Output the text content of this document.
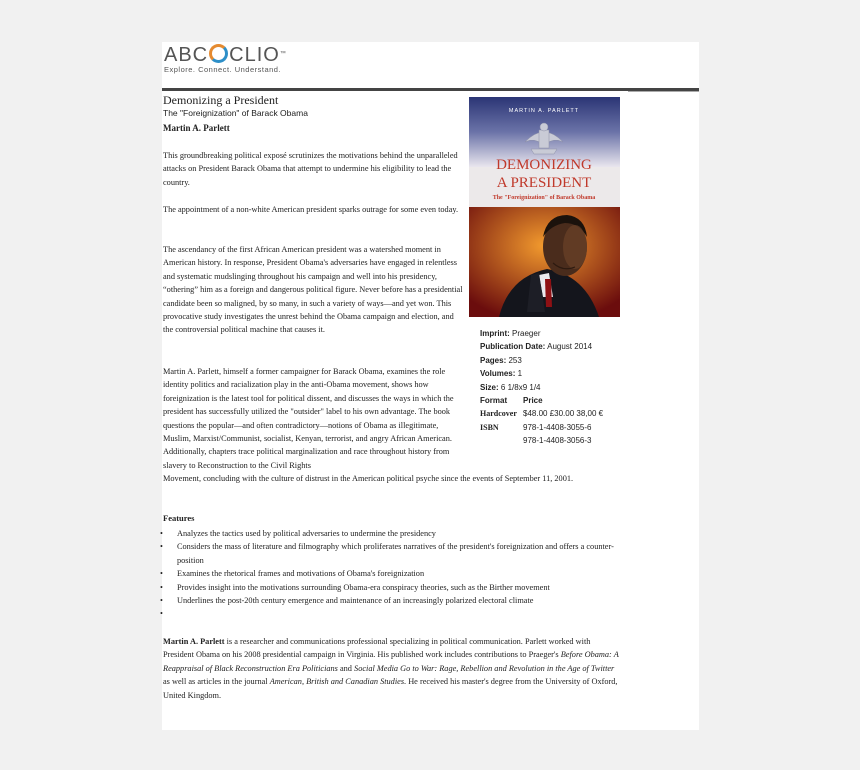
ABC CLIO™
Explore. Connect. Understand.
Demonizing a President
The "Foreignization" of Barack Obama
Martin A. Parlett
This groundbreaking political exposé scrutinizes the motivations behind the unparalleled attacks on President Barack Obama that attempt to undermine his eligibility to lead the country.
The appointment of a non-white American president sparks outrage for some even today.
The ascendancy of the first African American president was a watershed moment in American history. In response, President Obama's adversaries have engaged in relentless and systematic mudslinging throughout his campaign and well into his presidency, “othering” him as a foreign and dangerous political figure. Never before has a presidential candidate been so maligned, by so many, in such a variety of ways—and yet won. This provocative study investigates the unrest behind the Obama campaign and election, and the controversial political machine that causes it.
Martin A. Parlett, himself a former campaigner for Barack Obama, examines the role identity politics and racialization play in the anti-Obama movement, shows how foreignization is the latest tool for political dissent, and discusses the ways in which the president has successfully utilized the "outsider" label to his own advantage. The book questions the popular—and often contradictory—notions of Obama as illegitimate, Muslim, Marxist/Communist, socialist, Kenyan, terrorist, and angry African American. Additionally, chapters trace political marginalization and race throughout history from slavery to Reconstruction to the Civil Rights
Movement, concluding with the culture of distrust in the American political psyche since the events of September 11, 2001.
MARTIN A. PARLETT
DEMONIZING
A PRESIDENT
The "Foreignization" of Barack Obama
Imprint: Praeger
Publication Date: August 2014
Pages: 253
Volumes: 1
Size: 6 1/8x9 1/4
Format	Price
Hardcover $48.00 £30.00 38,00 €
ISBN	978-1-4408-3055-6
978-1-4408-3056-3
Features
• Analyzes the tactics used by political adversaries to undermine the presidency
• Considers the mass of literature and filmography which proliferates narratives of the president's foreignization and offers a counter-position
• Examines the rhetorical frames and motivations of Obama's foreignization
• Provides insight into the motivations surrounding Obama-era conspiracy theories, such as the Birther movement
• Underlines the post-20th century emergence and maintenance of an increasingly polarized electoral climate
•

Martin A. Parlett is a researcher and communications professional specializing in political communication. Parlett worked with President Obama on his 2008 presidential campaign in Virginia. His published work includes contributions to Praeger's Before Obama: A Reappraisal of Black Reconstruction Era Politicians and Social Media Go to War: Rage, Rebellion and Revolution in the Age of Twitter as well as articles in the journal American, British and Canadian Studies. He received his master's degree from the University of Oxford, United Kingdom.
